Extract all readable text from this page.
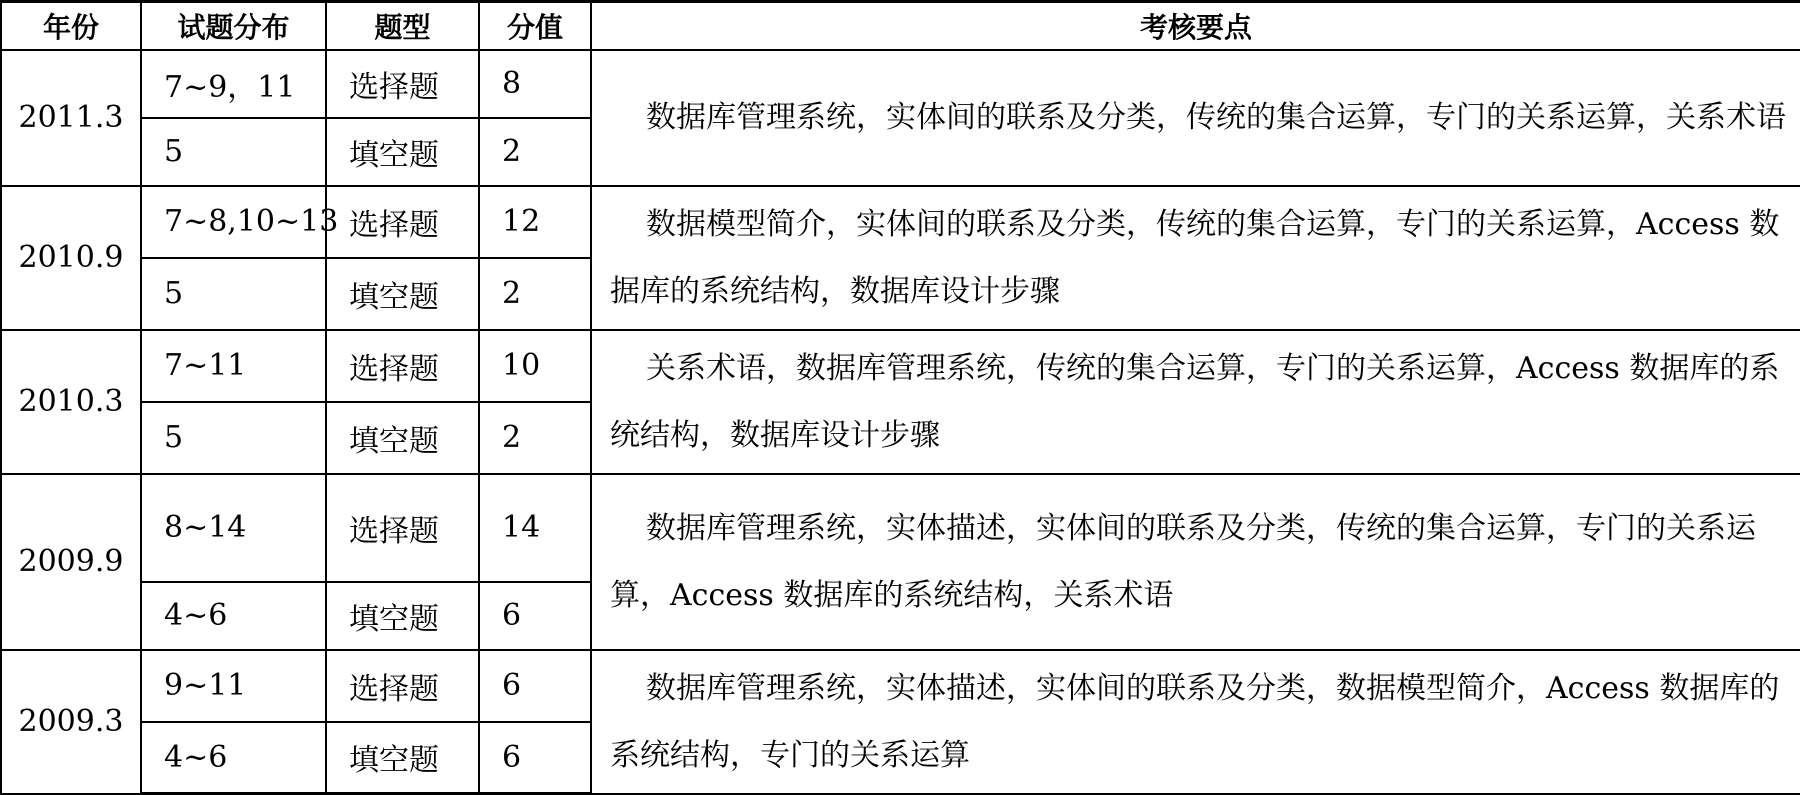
年份	试题分布	题型	分值	考核要点
2011.3	7~9，11	选择题	8	数据库管理系统，实体间的联系及分类，传统的集合运算，专门的关系运算，关系术语
	5	填空题	2	
2010.9	7~8,10~13	选择题	12	数据模型简介，实体间的联系及分类，传统的集合运算，专门的关系运算，Access 数据库的系统结构，数据库设计步骤
	5	填空题	2	
2010.3	7~11	选择题	10	关系术语，数据库管理系统，传统的集合运算，专门的关系运算，Access 数据库的系统结构，数据库设计步骤
	5	填空题	2	
2009.9	8~14	选择题	14	数据库管理系统，实体描述，实体间的联系及分类，传统的集合运算，专门的关系运算，Access 数据库的系统结构，关系术语
	4~6	填空题	6	
2009.3	9~11	选择题	6	数据库管理系统，实体描述，实体间的联系及分类，数据模型简介，Access 数据库的系统结构，专门的关系运算
	4~6	填空题	6	
